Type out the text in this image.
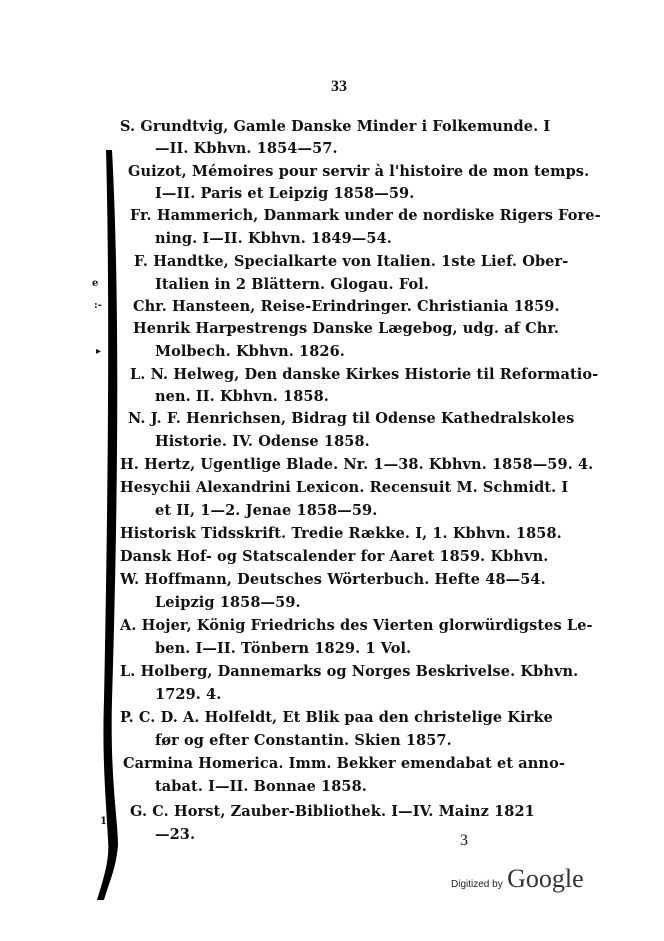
e
:-
▸
1
33
S. Grundtvig, Gamle Danske Minder i Folkemunde. I
—II. Kbhvn. 1854—57.
Guizot, Mémoires pour servir à l'histoire de mon temps.
I—II. Paris et Leipzig 1858—59.
Fr. Hammerich, Danmark under de nordiske Rigers Fore-
ning. I—II. Kbhvn. 1849—54.
F. Handtke, Specialkarte von Italien. 1ste Lief. Ober-
Italien in 2 Blättern. Glogau. Fol.
Chr. Hansteen, Reise-Erindringer. Christiania 1859.
Henrik Harpestrengs Danske Lægebog, udg. af Chr.
Molbech. Kbhvn. 1826.
L. N. Helweg, Den danske Kirkes Historie til Reformatio-
nen. II. Kbhvn. 1858.
N. J. F. Henrichsen, Bidrag til Odense Kathedralskoles
Historie. IV. Odense 1858.
H. Hertz, Ugentlige Blade. Nr. 1—38. Kbhvn. 1858—59. 4.
Hesychii Alexandrini Lexicon. Recensuit M. Schmidt. I
et II, 1—2. Jenae 1858—59.
Historisk Tidsskrift. Tredie Række. I, 1. Kbhvn. 1858.
Dansk Hof- og Statscalender for Aaret 1859. Kbhvn.
W. Hoffmann, Deutsches Wörterbuch. Hefte 48—54.
Leipzig 1858—59.
A. Hojer, König Friedrichs des Vierten glorwürdigstes Le-
ben. I—II. Tönbern 1829. 1 Vol.
L. Holberg, Dannemarks og Norges Beskrivelse. Kbhvn.
1729. 4.
P. C. D. A. Holfeldt, Et Blik paa den christelige Kirke
før og efter Constantin. Skien 1857.
Carmina Homerica. Imm. Bekker emendabat et anno-
tabat. I—II. Bonnae 1858.
G. C. Horst, Zauber-Bibliothek. I—IV. Mainz 1821
—23.	3
Digitized by Google
